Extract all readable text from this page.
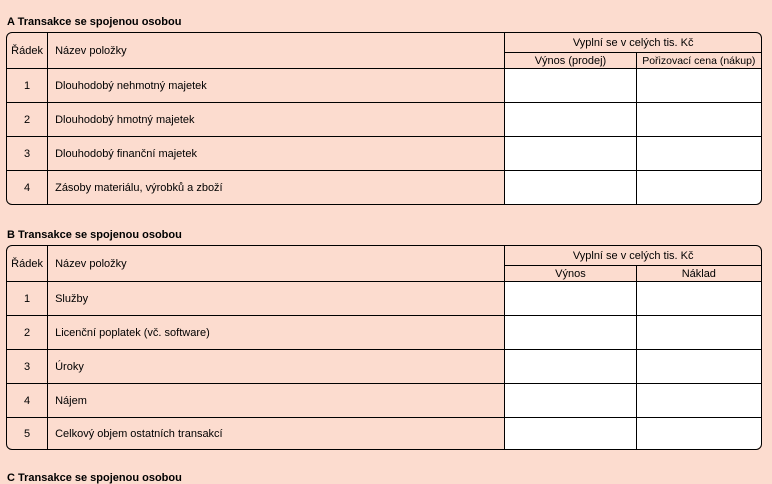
A Transakce se spojenou osobou
Řádek	Název položky	Vyplní se v celých tis. Kč	
		Výnos (prodej)	Pořizovací cena (nákup)
1	Dlouhodobý nehmotný majetek		
2	Dlouhodobý hmotný majetek		
3	Dlouhodobý finanční majetek		
4	Zásoby materiálu, výrobků a zboží		
B Transakce se spojenou osobou
Řádek	Název položky	Vyplní se v celých tis. Kč	
		Výnos	Náklad
1	Služby		
2	Licenční poplatek (vč. software)		
3	Úroky		
4	Nájem		
5	Celkový objem ostatních transakcí		
C Transakce se spojenou osobou
